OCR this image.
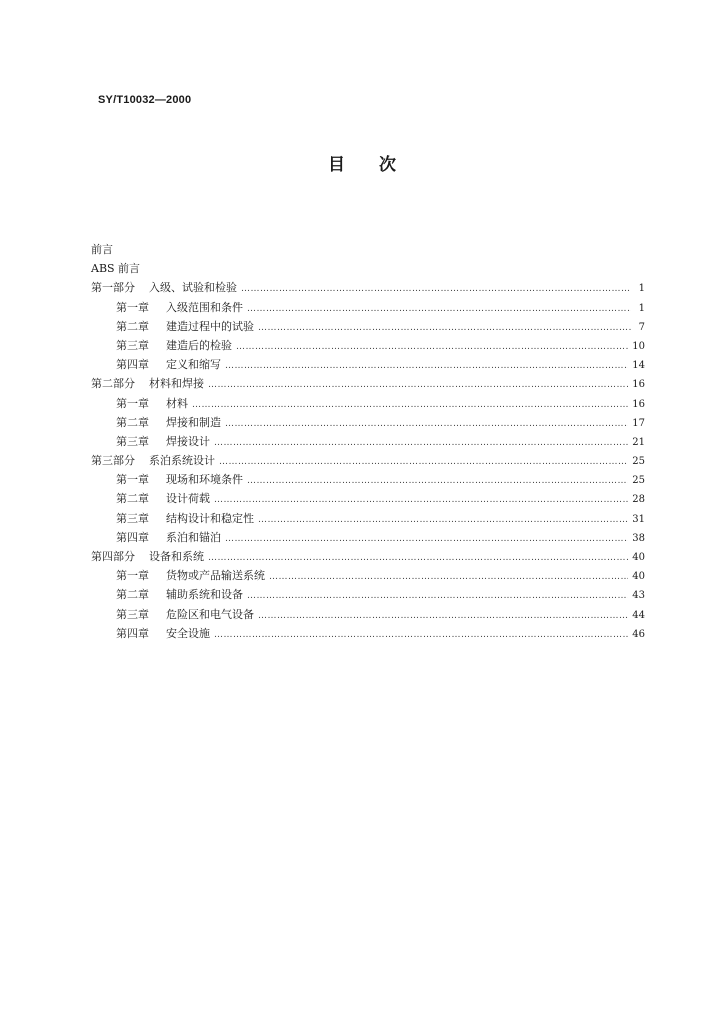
SY/T10032—2000
目 次
前言
ABS 前言
第一部分 入级、试验和检验 ………………………………………………………………………………………………………………………………………………………………………………………………………………	1
第一章 入级范围和条件 ………………………………………………………………………………………………………………………………………………………………………………………………………………	1
第二章 建造过程中的试验 ………………………………………………………………………………………………………………………………………………………………………………………………………………	7
第三章 建造后的检验 ………………………………………………………………………………………………………………………………………………………………………………………………………………	10
第四章 定义和缩写 ………………………………………………………………………………………………………………………………………………………………………………………………………………	14
第二部分 材料和焊接 ………………………………………………………………………………………………………………………………………………………………………………………………………………	16
第一章 材料 ………………………………………………………………………………………………………………………………………………………………………………………………………………	16
第二章 焊接和制造 ………………………………………………………………………………………………………………………………………………………………………………………………………………	17
第三章 焊接设计 ………………………………………………………………………………………………………………………………………………………………………………………………………………	21
第三部分 系泊系统设计 ………………………………………………………………………………………………………………………………………………………………………………………………………………	25
第一章 现场和环境条件 ………………………………………………………………………………………………………………………………………………………………………………………………………………	25
第二章 设计荷载 ………………………………………………………………………………………………………………………………………………………………………………………………………………	28
第三章 结构设计和稳定性 ………………………………………………………………………………………………………………………………………………………………………………………………………………	31
第四章 系泊和锚泊 ………………………………………………………………………………………………………………………………………………………………………………………………………………	38
第四部分 设备和系统 ………………………………………………………………………………………………………………………………………………………………………………………………………………	40
第一章 货物或产品输送系统 ………………………………………………………………………………………………………………………………………………………………………………………………………………	40
第二章 辅助系统和设备 ………………………………………………………………………………………………………………………………………………………………………………………………………………	43
第三章 危险区和电气设备 ………………………………………………………………………………………………………………………………………………………………………………………………………………	44
第四章 安全设施 ………………………………………………………………………………………………………………………………………………………………………………………………………………	46
